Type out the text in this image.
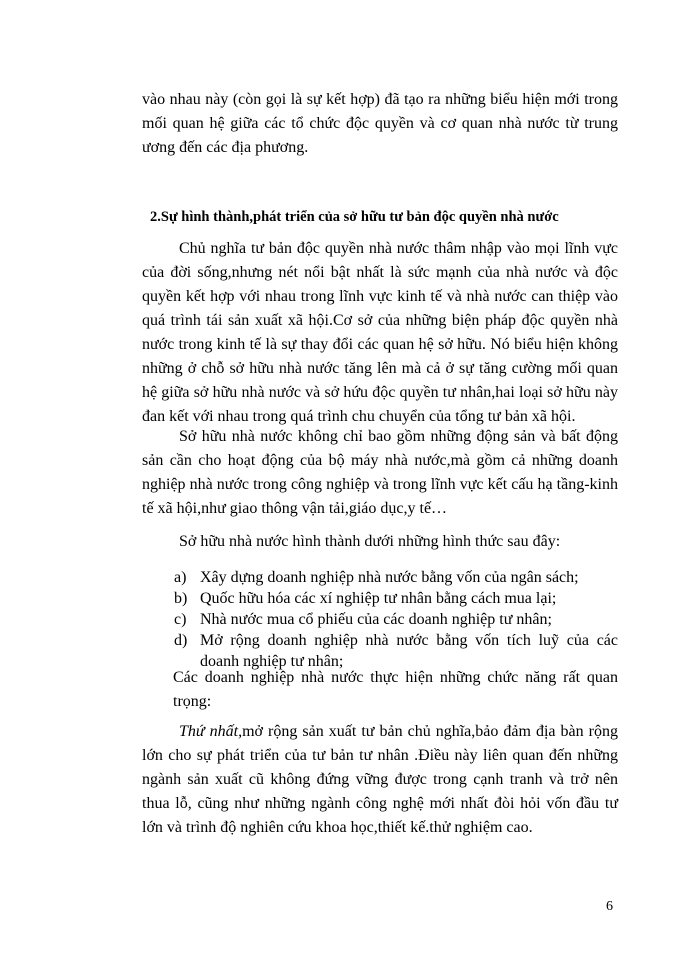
vào nhau này (còn gọi là sự kết hợp) đã tạo ra những biểu hiện mới trong mối quan hệ giữa các tổ chức độc quyền và cơ quan nhà nước từ trung ương đến các địa phương.

2.Sự hình thành,phát triển của sở hữu tư bản độc quyền nhà nước

Chủ nghĩa tư bản độc quyền nhà nước thâm nhập vào mọi lĩnh vực của đời sống,nhưng nét nổi bật nhất là sức mạnh của nhà nước và độc quyền kết hợp với nhau trong lĩnh vực kinh tế và nhà nước can thiệp vào quá trình tái sản xuất xã hội.Cơ sở của những biện pháp độc quyền nhà nước trong kinh tế là sự thay đổi các quan hệ sở hữu. Nó biểu hiện không những ở chỗ sở hữu nhà nước tăng lên mà cả ở sự tăng cường mối quan hệ giữa sở hữu nhà nước và sở hứu độc quyền tư nhân,hai loại sở hữu này đan kết với nhau trong quá trình chu chuyển của tổng tư bản xã hội.

Sở hữu nhà nước không chỉ bao gồm những động sản và bất động sản cần cho hoạt động của bộ máy nhà nước,mà gồm cả những doanh nghiệp nhà nước trong công nghiệp và trong lĩnh vực kết cấu hạ tầng-kinh tế xã hội,như giao thông vận tải,giáo dục,y tế…

Sở hữu nhà nước hình thành dưới những hình thức sau đây:

a) Xây dựng doanh nghiệp nhà nước bằng vốn của ngân sách;
b) Quốc hữu hóa các xí nghiệp tư nhân bằng cách mua lại;
c) Nhà nước mua cổ phiếu của các doanh nghiệp tư nhân;
d) Mở rộng doanh nghiệp nhà nước bằng vốn tích luỹ của các doanh nghiệp tư nhân;

Các doanh nghiệp nhà nước thực hiện những chức năng rất quan trọng:

Thứ nhất,mở rộng sản xuất tư bản chủ nghĩa,bảo đảm địa bàn rộng lớn cho sự phát triển của tư bản tư nhân .Điều này liên quan đến những ngành sản xuất cũ không đứng vững được trong cạnh tranh và trở nên thua lỗ, cũng như những ngành công nghệ mới nhất đòi hỏi vốn đầu tư lớn và trình độ nghiên cứu khoa học,thiết kế.thử nghiệm cao.

6
